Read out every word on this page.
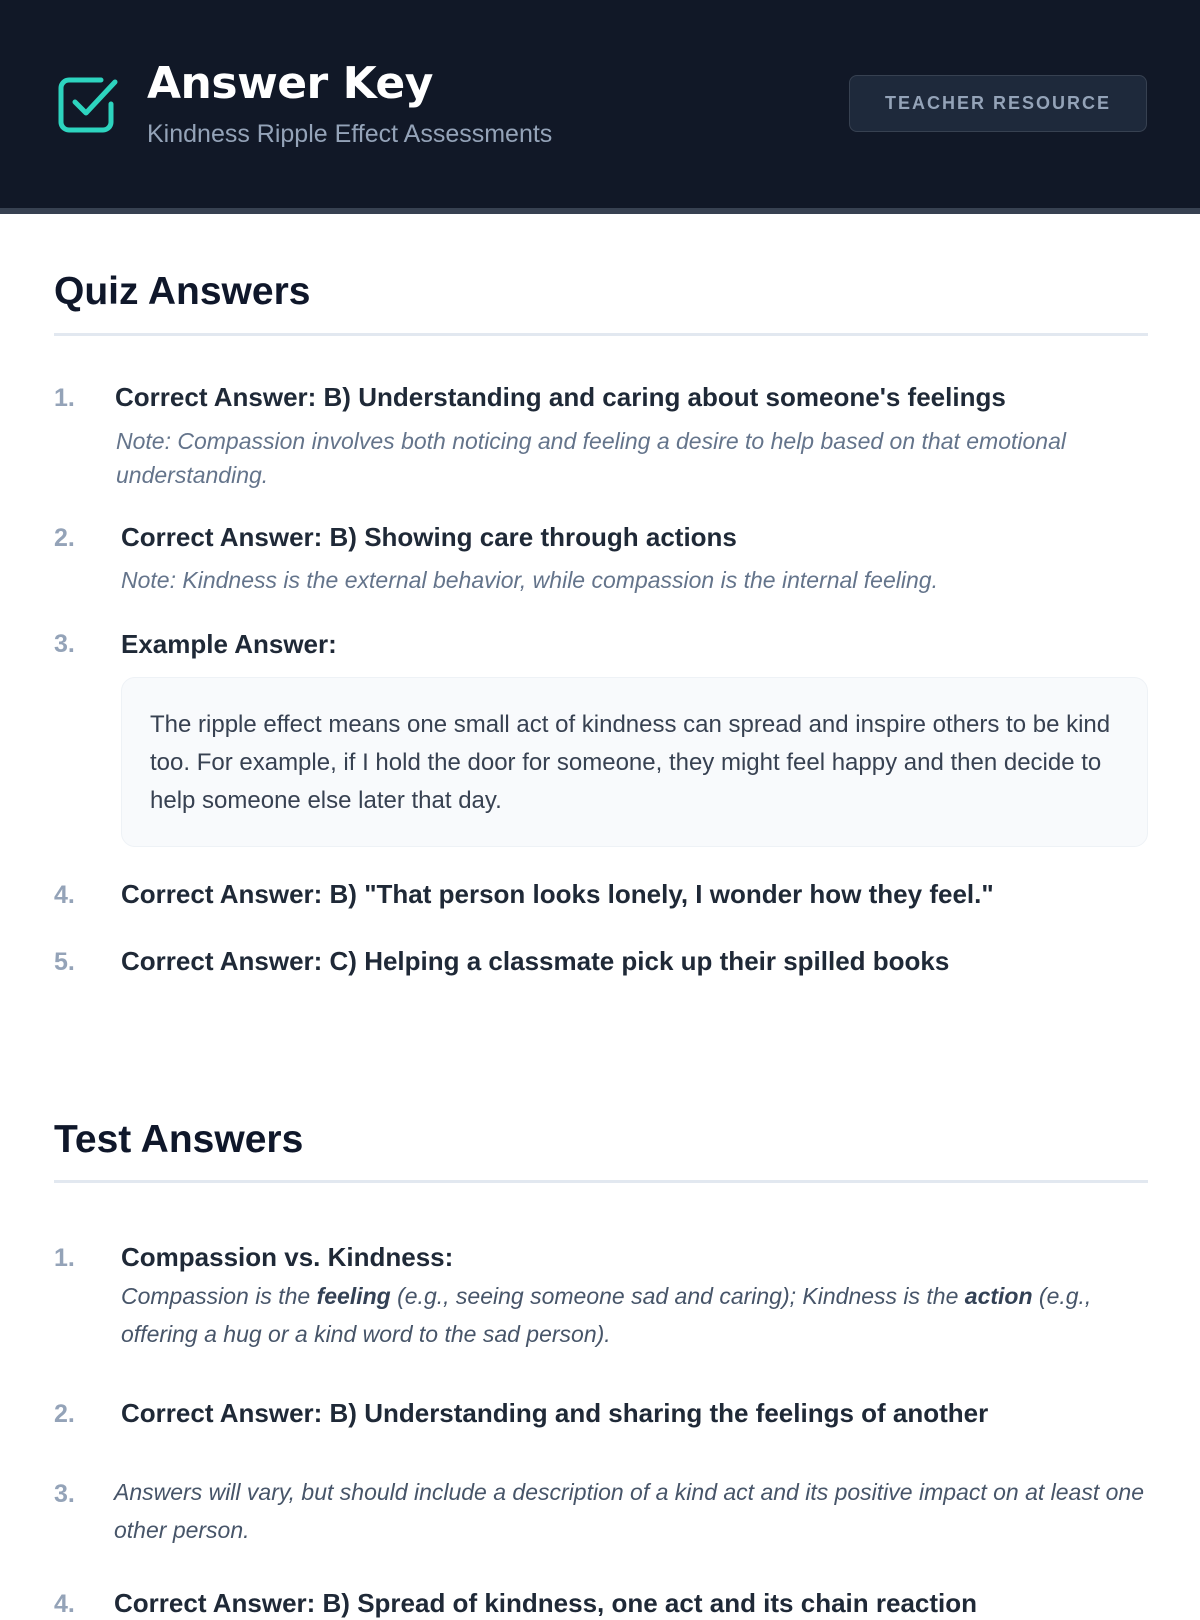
Answer Key
Kindness Ripple Effect Assessments
TEACHER RESOURCE
Quiz Answers
1. Correct Answer: B) Understanding and caring about someone's feelings
Note: Compassion involves both noticing and feeling a desire to help based on that emotional understanding.
2. Correct Answer: B) Showing care through actions
Note: Kindness is the external behavior, while compassion is the internal feeling.
3. Example Answer:
The ripple effect means one small act of kindness can spread and inspire others to be kind too. For example, if I hold the door for someone, they might feel happy and then decide to help someone else later that day.
4. Correct Answer: B) "That person looks lonely, I wonder how they feel."
5. Correct Answer: C) Helping a classmate pick up their spilled books
Test Answers
1. Compassion vs. Kindness:
Compassion is the feeling (e.g., seeing someone sad and caring); Kindness is the action (e.g., offering a hug or a kind word to the sad person).
2. Correct Answer: B) Understanding and sharing the feelings of another
3. Answers will vary, but should include a description of a kind act and its positive impact on at least one other person.
4. Correct Answer: B) Spread of kindness, one act and its chain reaction
